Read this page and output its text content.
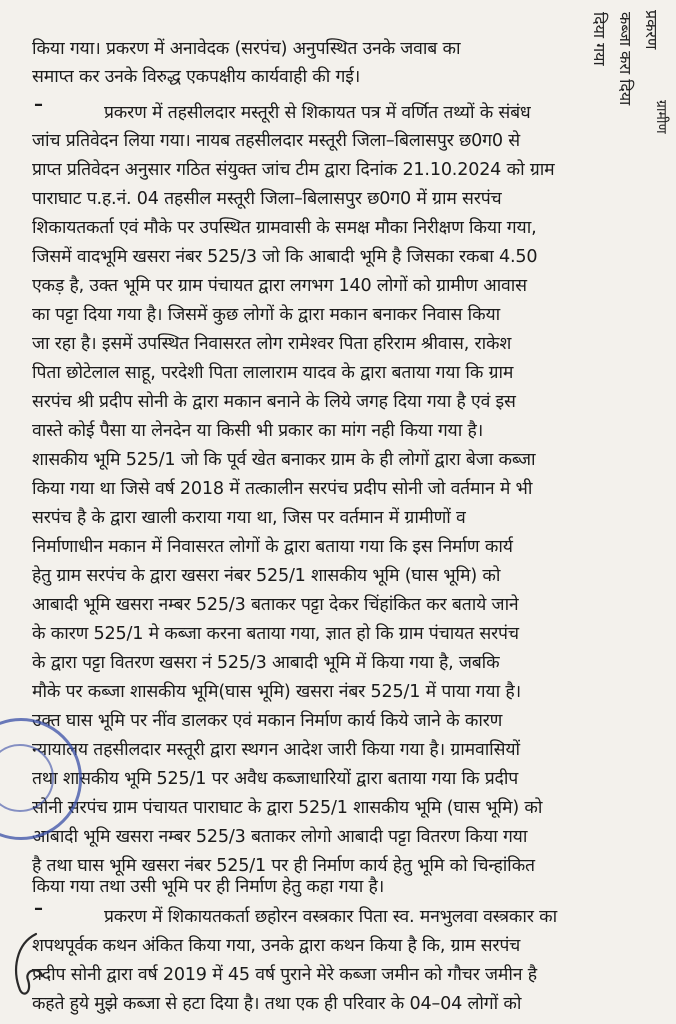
प्रकरण
कब्जा करा दिया
दिया गया
ग्रामीण
किया गया। प्रकरण में अनावेदक (सरपंच) अनुपस्थित उनके जवाब का
समाप्त कर उनके विरुद्ध एकपक्षीय कार्यवाही की गई।
–	प्रकरण में तहसीलदार मस्तूरी से शिकायत पत्र में वर्णित तथ्यों के संबंध
जांच प्रतिवेदन लिया गया। नायब तहसीलदार मस्तूरी जिला–बिलासपुर छ0ग0 से
प्राप्त प्रतिवेदन अनुसार गठित संयुक्त जांच टीम द्वारा दिनांक 21.10.2024 को ग्राम
पाराघाट प.ह.नं. 04 तहसील मस्तूरी जिला–बिलासपुर छ0ग0 में ग्राम सरपंच
शिकायतकर्ता एवं मौके पर उपस्थित ग्रामवासी के समक्ष मौका निरीक्षण किया गया,
जिसमें वादभूमि खसरा नंबर 525/3 जो कि आबादी भूमि है जिसका रकबा 4.50
एकड़ है, उक्त भूमि पर ग्राम पंचायत द्वारा लगभग 140 लोगों को ग्रामीण आवास
का पट्टा दिया गया है। जिसमें कुछ लोगों के द्वारा मकान बनाकर निवास किया
जा रहा है। इसमें उपस्थित निवासरत लोग रामेश्वर पिता हरिराम श्रीवास, राकेश
पिता छोटेलाल साहू, परदेशी पिता लालाराम यादव के द्वारा बताया गया कि ग्राम
सरपंच श्री प्रदीप सोनी के द्वारा मकान बनाने के लिये जगह दिया गया है एवं इस
वास्ते कोई पैसा या लेनदेन या किसी भी प्रकार का मांग नही किया गया है।
शासकीय भूमि 525/1 जो कि पूर्व खेत बनाकर ग्राम के ही लोगों द्वारा बेजा कब्जा
किया गया था जिसे वर्ष 2018 में तत्कालीन सरपंच प्रदीप सोनी जो वर्तमान मे भी
सरपंच है के द्वारा खाली कराया गया था, जिस पर वर्तमान में ग्रामीणों व
निर्माणाधीन मकान में निवासरत लोगों के द्वारा बताया गया कि इस निर्माण कार्य
हेतु ग्राम सरपंच के द्वारा खसरा नंबर 525/1 शासकीय भूमि (घास भूमि) को
आबादी भूमि खसरा नम्बर 525/3 बताकर पट्टा देकर चिंहांकित कर बताये जाने
के कारण 525/1 मे कब्जा करना बताया गया, ज्ञात हो कि ग्राम पंचायत सरपंच
के द्वारा पट्टा वितरण खसरा नं 525/3 आबादी भूमि में किया गया है, जबकि
मौके पर कब्जा शासकीय भूमि(घास भूमि) खसरा नंबर 525/1 में पाया गया है।
उक्त घास भूमि पर नींव डालकर एवं मकान निर्माण कार्य किये जाने के कारण
न्यायालय तहसीलदार मस्तूरी द्वारा स्थगन आदेश जारी किया गया है। ग्रामवासियों
तथा शासकीय भूमि 525/1 पर अवैध कब्जाधारियों द्वारा बताया गया कि प्रदीप
सोनी सरपंच ग्राम पंचायत पाराघाट के द्वारा 525/1 शासकीय भूमि (घास भूमि) को
आबादी भूमि खसरा नम्बर 525/3 बताकर लोगो आबादी पट्टा वितरण किया गया
है तथा घास भूमि खसरा नंबर 525/1 पर ही निर्माण कार्य हेतु भूमि को चिन्हांकित
किया गया तथा उसी भूमि पर ही निर्माण हेतु कहा गया है।
–	प्रकरण में शिकायतकर्ता छहोरन वस्त्रकार पिता स्व. मनभुलवा वस्त्रकार का
शपथपूर्वक कथन अंकित किया गया, उनके द्वारा कथन किया है कि, ग्राम सरपंच
प्रदीप सोनी द्वारा वर्ष 2019 में 45 वर्ष पुराने मेरे कब्जा जमीन को गौचर जमीन है
कहते हुये मुझे कब्जा से हटा दिया है। तथा एक ही परिवार के 04–04 लोगों को
